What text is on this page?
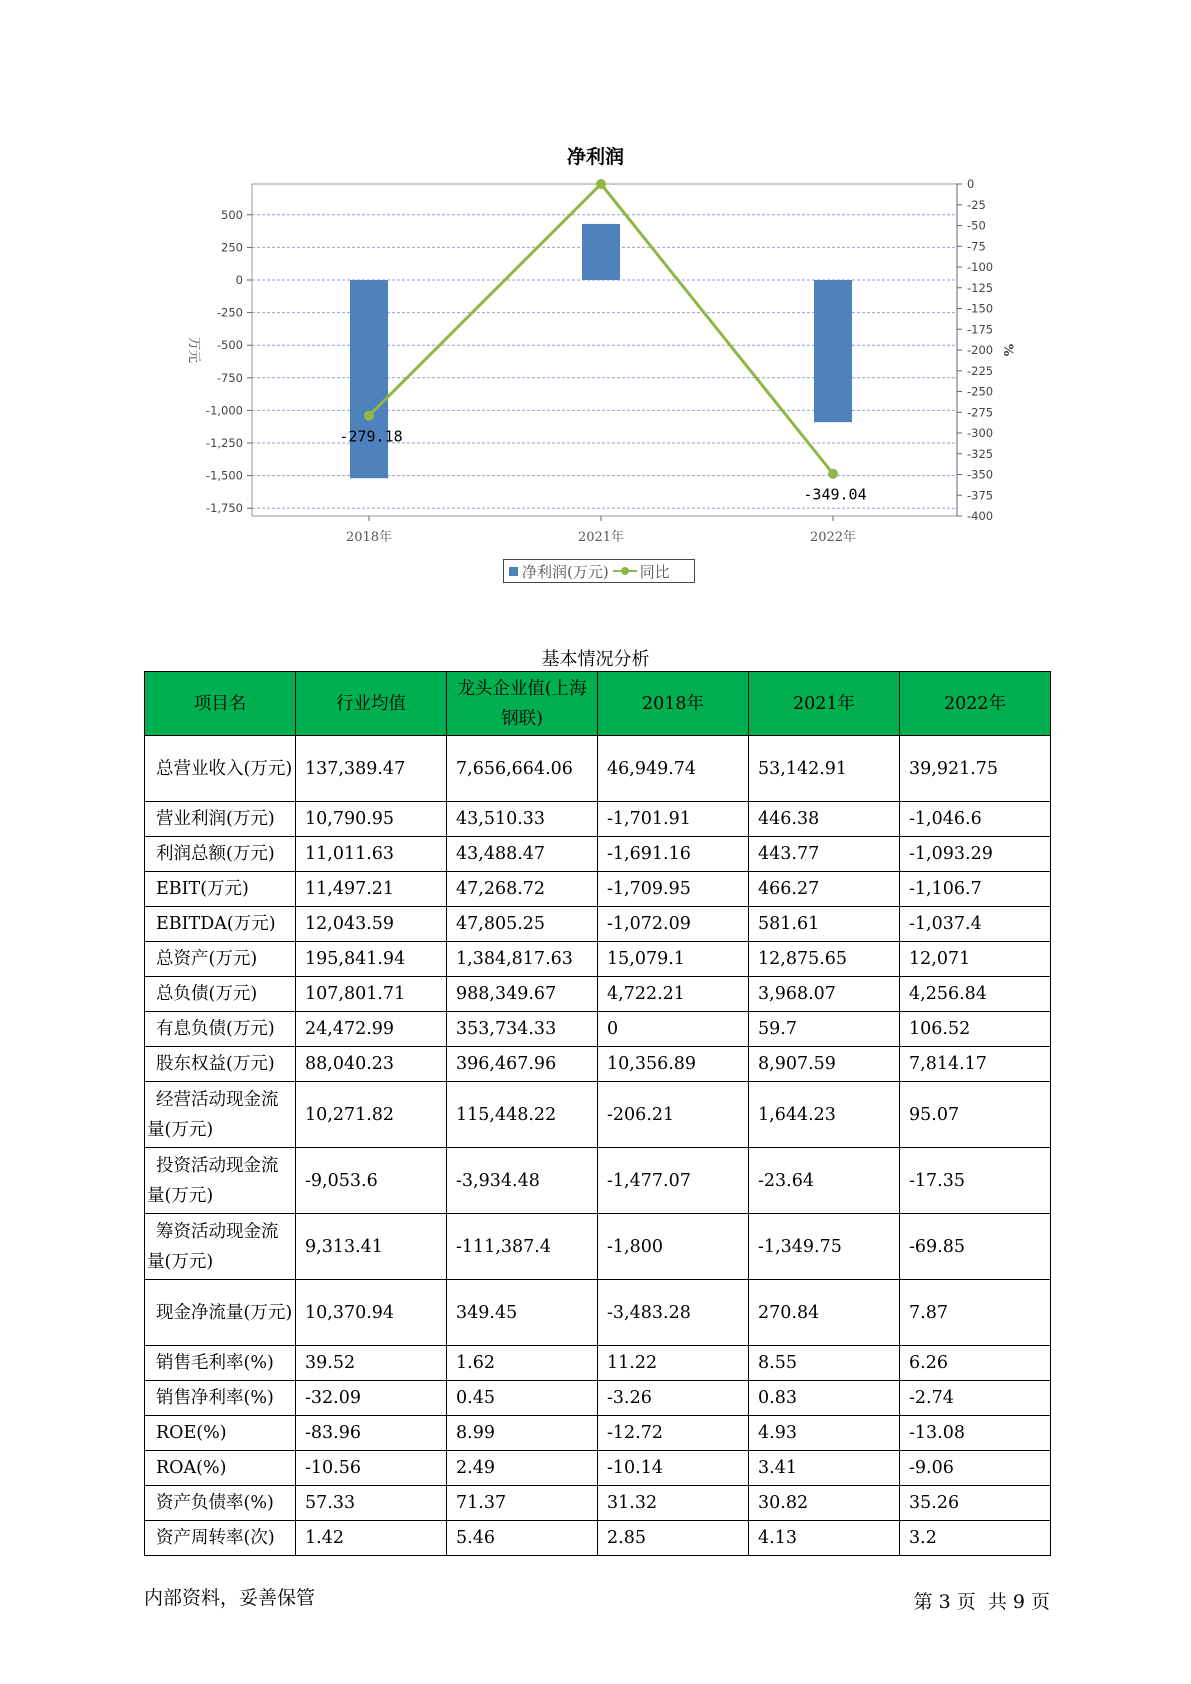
500
250
0
-250
-500
-750
-1,000
-1,250
-1,500
-1,750
0
-25
-50
-75
-100
-125
-150
-175
-200
-225
-250
-275
-300
-325
-350
-375
-400
万元	%
2018年	2021年	2022年
-279.18
-349.04
净利润
净利润(万元) 同比
基本情况分析
项目名	行业均值	龙头企业值(上海钢联)	2018年	2021年	2022年
总营业收入(万元)	137,389.47	7,656,664.06	46,949.74	53,142.91	39,921.75
营业利润(万元)	10,790.95	43,510.33	-1,701.91	446.38	-1,046.6
利润总额(万元)	11,011.63	43,488.47	-1,691.16	443.77	-1,093.29
EBIT(万元)	11,497.21	47,268.72	-1,709.95	466.27	-1,106.7
EBITDA(万元)	12,043.59	47,805.25	-1,072.09	581.61	-1,037.4
总资产(万元)	195,841.94	1,384,817.63	15,079.1	12,875.65	12,071
总负债(万元)	107,801.71	988,349.67	4,722.21	3,968.07	4,256.84
有息负债(万元)	24,472.99	353,734.33	0	59.7	106.52
股东权益(万元)	88,040.23	396,467.96	10,356.89	8,907.59	7,814.17
经营活动现金流量(万元)	10,271.82	115,448.22	-206.21	1,644.23	95.07
投资活动现金流量(万元)	-9,053.6	-3,934.48	-1,477.07	-23.64	-17.35
筹资活动现金流量(万元)	9,313.41	-111,387.4	-1,800	-1,349.75	-69.85
现金净流量(万元)	10,370.94	349.45	-3,483.28	270.84	7.87
销售毛利率(%)	39.52	1.62	11.22	8.55	6.26
销售净利率(%)	-32.09	0.45	-3.26	0.83	-2.74
ROE(%)	-83.96	8.99	-12.72	4.93	-13.08
ROA(%)	-10.56	2.49	-10.14	3.41	-9.06
资产负债率(%)	57.33	71.37	31.32	30.82	35.26
资产周转率(次)	1.42	5.46	2.85	4.13	3.2
内部资料，妥善保管	第 3 页  共 9 页
